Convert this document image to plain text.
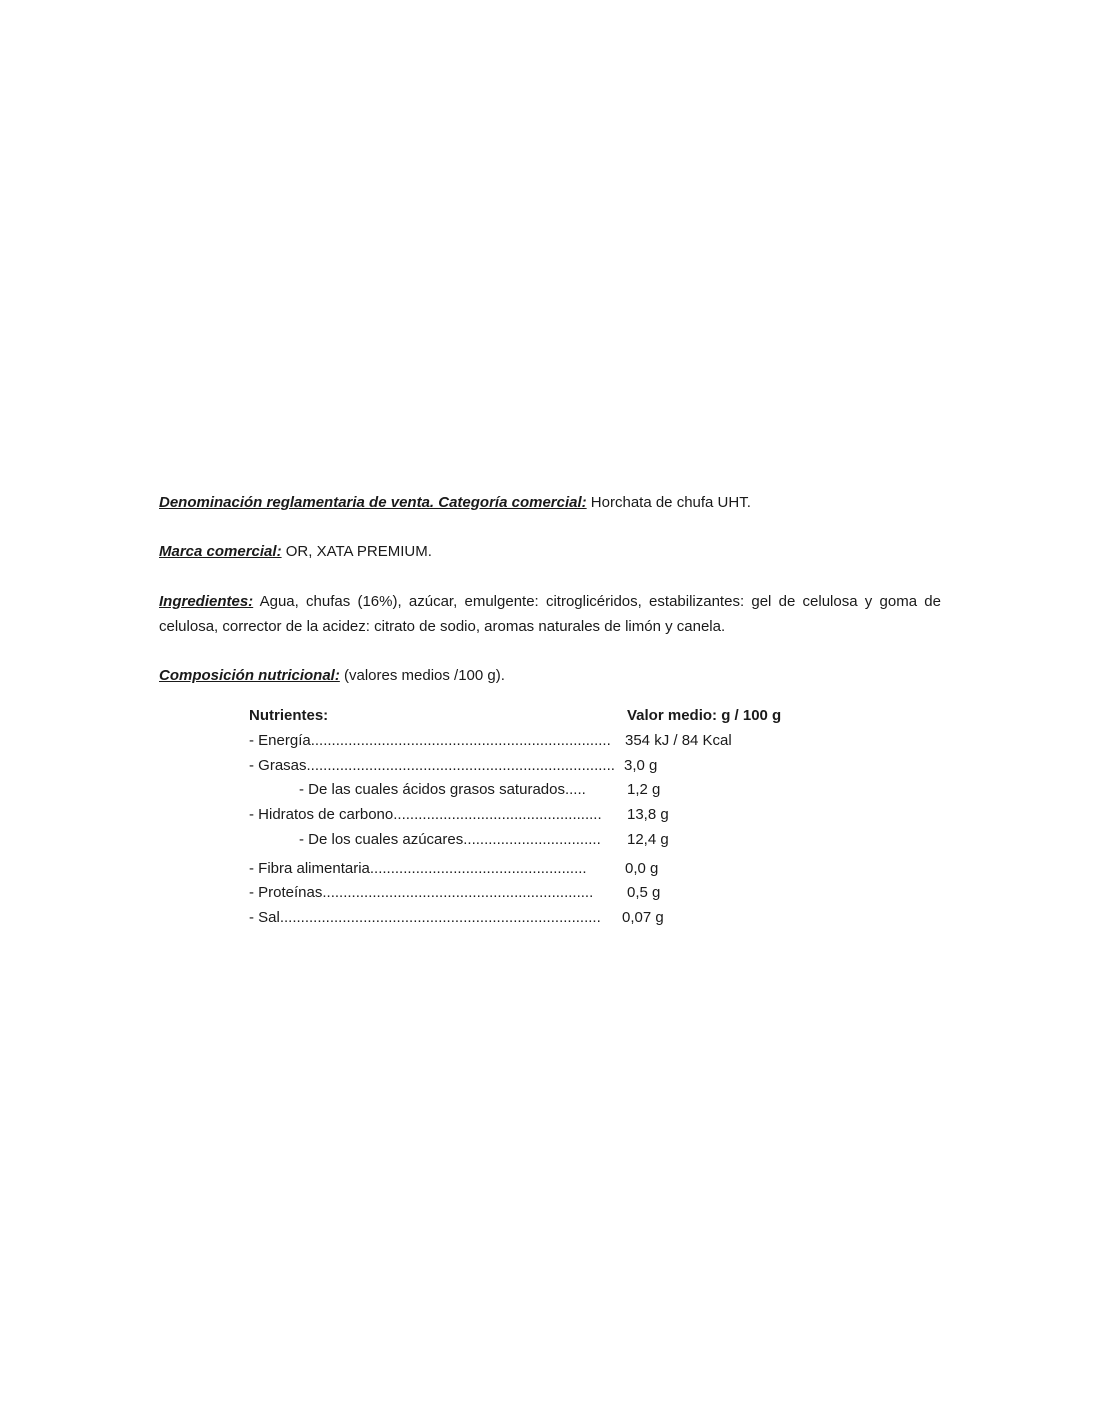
Denominación reglamentaria de venta. Categoría comercial: Horchata de chufa UHT.

Marca comercial: OR, XATA PREMIUM.

Ingredientes: Agua, chufas (16%), azúcar, emulgente: citroglicéridos, estabilizantes: gel de celulosa y goma de celulosa, corrector de la acidez: citrato de sodio, aromas naturales de limón y canela.

Composición nutricional: (valores medios /100 g).

Nutrientes:	Valor medio: g / 100 g
- Energía........................................................................ 354 kJ / 84 Kcal
- Grasas.......................................................................... 3,0 g
- De las cuales ácidos grasos saturados.....	1,2 g
- Hidratos de carbono.................................................. 13,8 g
- De los cuales azúcares................................. 12,4 g
- Fibra alimentaria....................................................	0,0 g
- Proteínas................................................................. 0,5 g
- Sal............................................................................. 0,07 g
